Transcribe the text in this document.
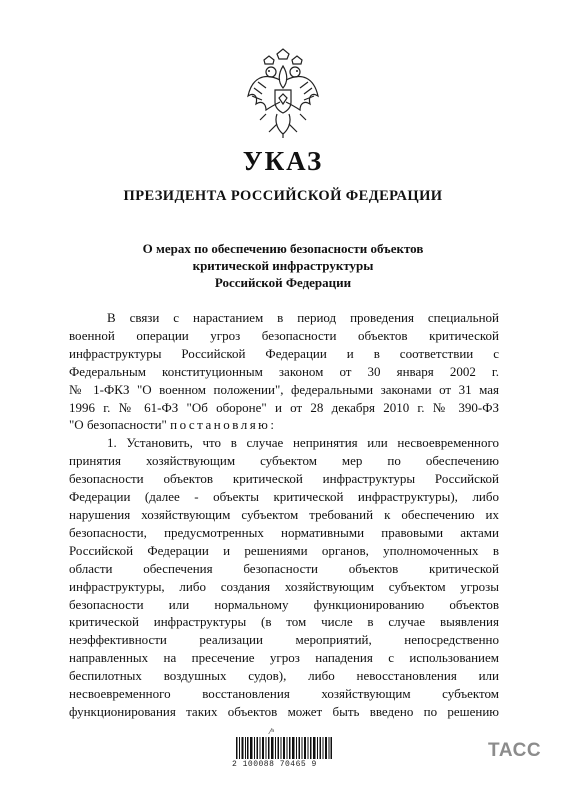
УКАЗ
ПРЕЗИДЕНТА РОССИЙСКОЙ ФЕДЕРАЦИИ
О мерах по обеспечению безопасности объектов
критической инфраструктуры
Российской Федерации
В связи с нарастанием в период проведения специальной
военной операции угроз безопасности объектов критической
инфраструктуры Российской Федерации и в соответствии с
Федеральным конституционным законом от 30 января 2002 г.
№ 1-ФКЗ "О военном положении", федеральными законами от 31 мая
1996 г. № 61-ФЗ "Об обороне" и от 28 декабря 2010 г. № 390-ФЗ
"О безопасности" постановляю:
1. Установить, что в случае непринятия или несвоевременного
принятия хозяйствующим субъектом мер по обеспечению
безопасности объектов критической инфраструктуры Российской
Федерации (далее - объекты критической инфраструктуры), либо
нарушения хозяйствующим субъектом требований к обеспечению их
безопасности, предусмотренных нормативными правовыми актами
Российской Федерации и решениями органов, уполномоченных в
области обеспечения безопасности объектов критической
инфраструктуры, либо создания хозяйствующим субъектом угрозы
безопасности или нормальному функционированию объектов
критической инфраструктуры (в том числе в случае выявления
неэффективности реализации мероприятий, непосредственно
направленных на пресечение угроз нападения с использованием
беспилотных воздушных судов), либо невосстановления или
несвоевременного восстановления хозяйствующим субъектом
функционирования таких объектов может быть введено по решению
⁄ⁿ
2 100088 70465 9
ТАСС
